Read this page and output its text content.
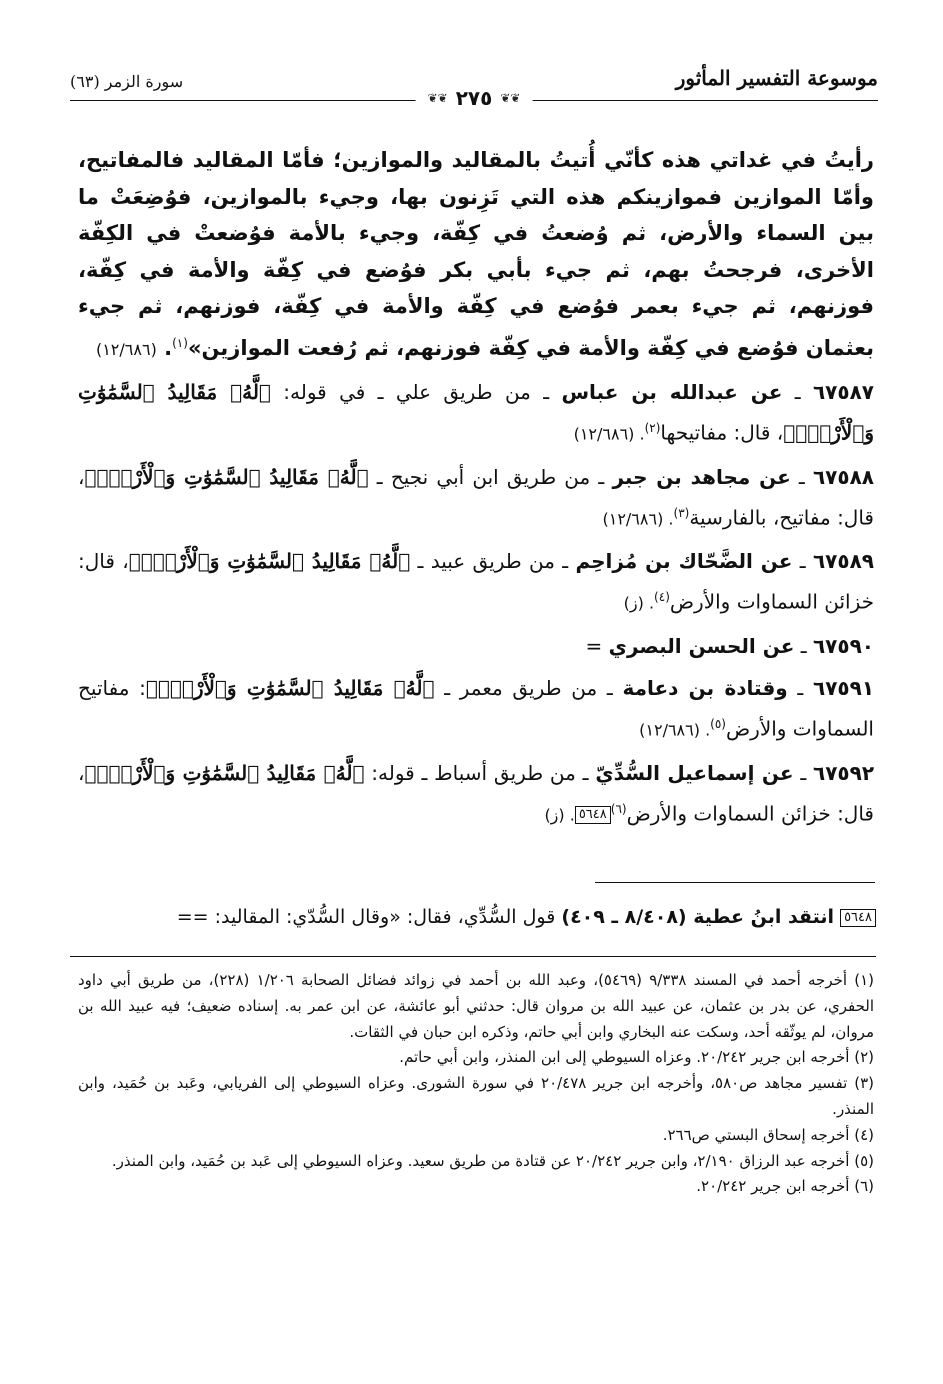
موسوعة التفسير المأثور
❦❦
٢٧٥
❦❦
سورة الزمر (٦٣)

رأيتُ في غداتي هذه كأنّي أُتيتُ بالمقاليد والموازين؛ فأمّا المقاليد فالمفاتيح، وأمّا الموازين فموازينكم هذه التي تَزِنون بها، وجيء بالموازين، فوُضِعَتْ ما بين السماء والأرض، ثم وُضعتُ في كِفّة، وجيء بالأمة فوُضعتْ في الكِفّة الأخرى، فرجحتُ بهم، ثم جيء بأبي بكر فوُضع في كِفّة والأمة في كِفّة، فوزنهم، ثم جيء بعمر فوُضع في كِفّة والأمة في كِفّة، فوزنهم، ثم جيء بعثمان فوُضع في كِفّة والأمة في كِفّة فوزنهم، ثم رُفعت الموازين»$^{(١)}$. (١٢/٦٨٦)

٦٧٥٨٧ ـ عن عبدالله بن عباس ـ من طريق علي ـ في قوله: ﴿لَّهُۥ مَقَالِيدُ ٱلسَّمَٰوَٰتِ وَٱلْأَرْضِۖ﴾، قال: مفاتيحها$^{(٢)}$. (١٢/٦٨٦)

٦٧٥٨٨ ـ عن مجاهد بن جبر ـ من طريق ابن أبي نجيح ـ ﴿لَّهُۥ مَقَالِيدُ ٱلسَّمَٰوَٰتِ وَٱلْأَرْضِۖ﴾، قال: مفاتيح، بالفارسية$^{(٣)}$. (١٢/٦٨٦)

٦٧٥٨٩ ـ عن الضَّحّاك بن مُزاحِم ـ من طريق عبيد ـ ﴿لَّهُۥ مَقَالِيدُ ٱلسَّمَٰوَٰتِ وَٱلْأَرْضِۖ﴾، قال: خزائن السماوات والأرض$^{(٤)}$. (ز)

٦٧٥٩٠ ـ عن الحسن البصري =

٦٧٥٩١ ـ وقتادة بن دعامة ـ من طريق معمر ـ ﴿لَّهُۥ مَقَالِيدُ ٱلسَّمَٰوَٰتِ وَٱلْأَرْضِۖ﴾: مفاتيح السماوات والأرض$^{(٥)}$. (١٢/٦٨٦)

٦٧٥٩٢ ـ عن إسماعيل السُّدِّيّ ـ من طريق أسباط ـ قوله: ﴿لَّهُۥ مَقَالِيدُ ٱلسَّمَٰوَٰتِ وَٱلْأَرْضِۖ﴾، قال: خزائن السماوات والأرض$^{(٦)}$٥٦٤٨. (ز)

٥٦٤٨ انتقد ابنُ عطية (٨/٤٠٨ ـ ٤٠٩) قول السُّدِّي، فقال: «وقال السُّدّي: المقاليد: ==

(١) أخرجه أحمد في المسند ٩/٣٣٨ (٥٤٦٩)، وعبد الله بن أحمد في زوائد فضائل الصحابة ١/٢٠٦ (٢٢٨)، من طريق أبي داود الحفري، عن بدر بن عثمان، عن عبيد الله بن مروان قال: حدثني أبو عائشة، عن ابن عمر به. إسناده ضعيف؛ فيه عبيد الله بن مروان، لم يوثّقه أحد، وسكت عنه البخاري وابن أبي حاتم، وذكره ابن حبان في الثقات.

(٢) أخرجه ابن جرير ٢٠/٢٤٢. وعزاه السيوطي إلى ابن المنذر، وابن أبي حاتم.

(٣) تفسير مجاهد ص٥٨٠، وأخرجه ابن جرير ٢٠/٤٧٨ في سورة الشورى. وعزاه السيوطي إلى الفريابي، وعَبد بن حُمَيد، وابن المنذر.

(٤) أخرجه إسحاق البستي ص٢٦٦.

(٥) أخرجه عبد الرزاق ٢/١٩٠، وابن جرير ٢٠/٢٤٢ عن قتادة من طريق سعيد. وعزاه السيوطي إلى عَبد بن حُمَيد، وابن المنذر.

(٦) أخرجه ابن جرير ٢٠/٢٤٢.
